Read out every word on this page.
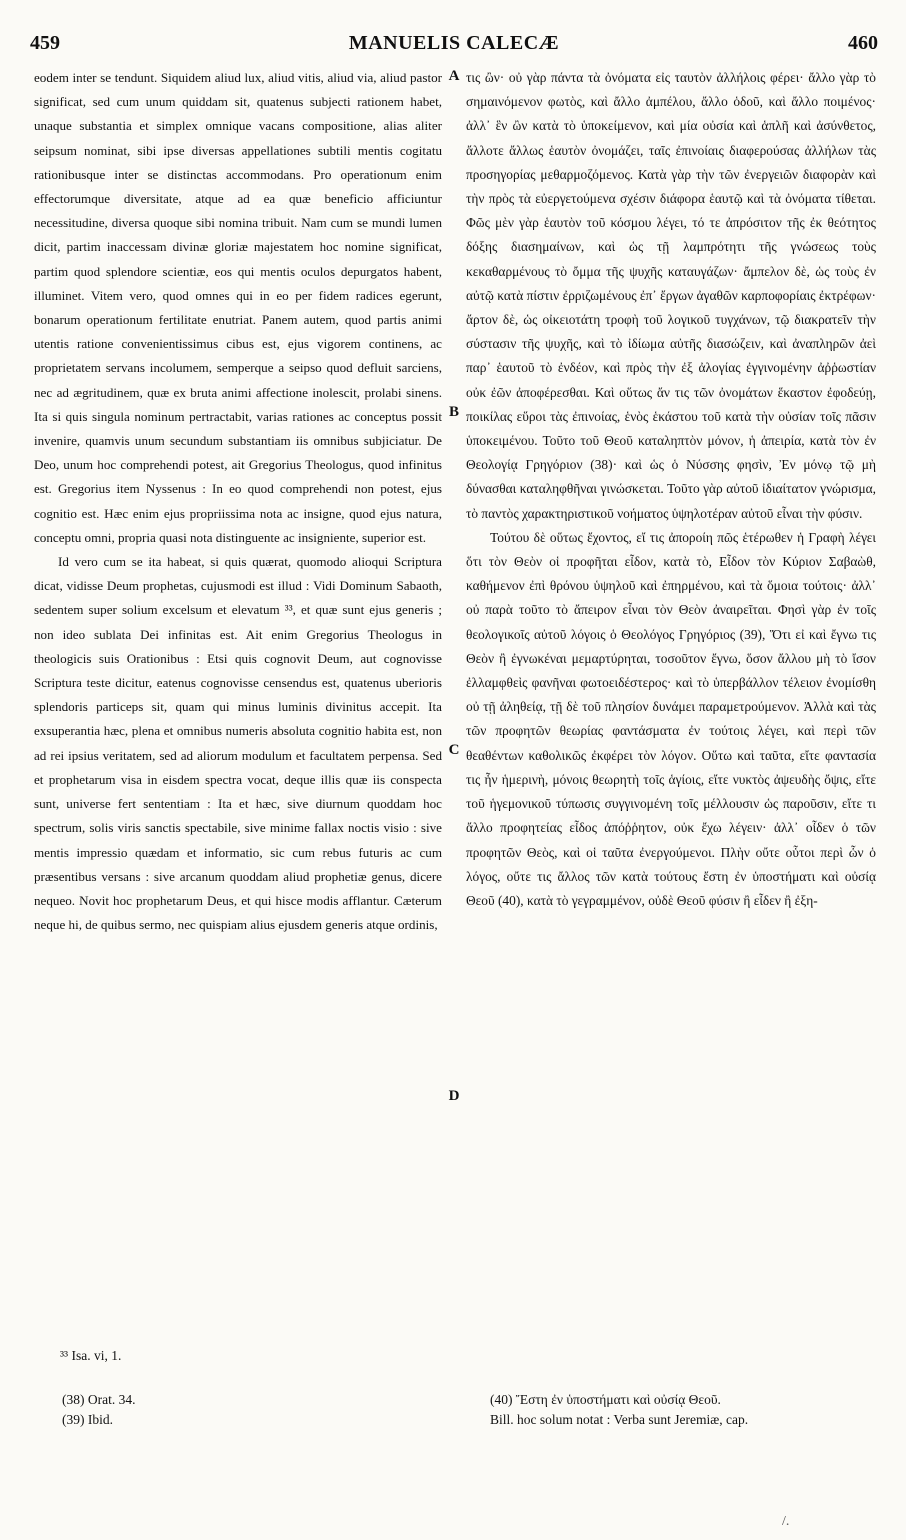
459	MANUELIS CALECÆ	460

eodem inter se tendunt. Siquidem aliud lux, aliud vitis, aliud via, aliud pastor significat, sed cum unum quiddam sit, quatenus subjecti rationem habet, unaque substantia et simplex omnique vacans compositione, alias aliter seipsum nominat, sibi ipse diversas appellationes subtili mentis cogitatu rationibusque inter se distinctas accommodans. Pro operationum enim effectorumque diversitate, atque ad ea quæ beneficio afficiuntur necessitudine, diversa quoque sibi nomina tribuit. Nam cum se mundi lumen dicit, partim inaccessam divinæ gloriæ majestatem hoc nomine significat, partim quod splendore scientiæ, eos qui mentis oculos depurgatos habent, illuminet. Vitem vero, quod omnes qui in eo per fidem radices egerunt, bonarum operationum fertilitate enutriat. Panem autem, quod partis animi utentis ratione convenientissimus cibus est, ejus vigorem continens, ac proprietatem servans incolumem, semperque a seipso quod defluit sarciens, nec ad ægritudinem, quæ ex bruta animi affectione inolescit, prolabi sinens. Ita si quis singula nominum pertractabit, varias rationes ac conceptus possit invenire, quamvis unum secundum substantiam iis omnibus subjiciatur. De Deo, unum hoc comprehendi potest, ait Gregorius Theologus, quod infinitus est. Gregorius item Nyssenus : In eo quod comprehendi non potest, ejus cognitio est. Hæc enim ejus propriissima nota ac insigne, quod ejus natura, conceptu omni, propria quasi nota distinguente ac insigniente, superior est.

Id vero cum se ita habeat, si quis quærat, quomodo alioqui Scriptura dicat, vidisse Deum prophetas, cujusmodi est illud : Vidi Dominum Sabaoth, sedentem super solium excelsum et elevatum ³³, et quæ sunt ejus generis ; non ideo sublata Dei infinitas est. Ait enim Gregorius Theologus in theologicis suis Orationibus : Etsi quis cognovit Deum, aut cognovisse Scriptura teste dicitur, eatenus cognovisse censendus est, quatenus uberioris splendoris particeps sit, quam qui minus luminis divinitus accepit. Ita exsuperantia hæc, plena et omnibus numeris absoluta cognitio habita est, non ad rei ipsius veritatem, sed ad aliorum modulum et facultatem perpensa. Sed et prophetarum visa in eisdem spectra vocat, deque illis quæ iis conspecta sunt, universe fert sententiam : Ita et hæc, sive diurnum quoddam hoc spectrum, solis viris sanctis spectabile, sive minime fallax noctis visio : sive mentis impressio quædam et informatio, sic cum rebus futuris ac cum præsentibus versans : sive arcanum quoddam aliud prophetiæ genus, dicere nequeo. Novit hoc prophetarum Deus, et qui hisce modis afflantur. Cæterum neque hi, de quibus sermo, nec quispiam alius ejusdem generis atque ordinis,

τις ὢν· οὐ γὰρ πάντα τὰ ὀνόματα εἰς ταυτὸν ἀλλήλοις φέρει· ἄλλο γὰρ τὸ σημαινόμενον φωτὸς, καὶ ἄλλο ἀμπέλου, ἄλλο ὁδοῦ, καὶ ἄλλο ποιμένος· ἀλλ᾽ ἓν ὢν κατὰ τὸ ὑποκείμενον, καὶ μία οὐσία καὶ ἁπλῆ καὶ ἀσύνθετος, ἄλλοτε ἄλλως ἑαυτὸν ὀνομάζει, ταῖς ἐπινοίαις διαφερούσας ἀλλήλων τὰς προσηγορίας μεθαρμοζόμενος. Κατὰ γὰρ τὴν τῶν ἐνεργειῶν διαφορὰν καὶ τὴν πρὸς τὰ εὐεργετούμενα σχέσιν διάφορα ἑαυτῷ καὶ τὰ ὀνόματα τίθεται. Φῶς μὲν γὰρ ἑαυτὸν τοῦ κόσμου λέγει, τό τε ἀπρόσιτον τῆς ἐκ θεότητος δόξης διασημαίνων, καὶ ὡς τῇ λαμπρότητι τῆς γνώσεως τοὺς κεκαθαρμένους τὸ ὄμμα τῆς ψυχῆς καταυγάζων· ἄμπελον δὲ, ὡς τοὺς ἐν αὐτῷ κατὰ πίστιν ἐρριζωμένους ἐπ᾽ ἔργων ἀγαθῶν καρποφορίαις ἐκτρέφων· ἄρτον δὲ, ὡς οἰκειοτάτη τροφὴ τοῦ λογικοῦ τυγχάνων, τῷ διακρατεῖν τὴν σύστασιν τῆς ψυχῆς, καὶ τὸ ἰδίωμα αὐτῆς διασώζειν, καὶ ἀναπληρῶν ἀεὶ παρ᾽ ἑαυτοῦ τὸ ἐνδέον, καὶ πρὸς τὴν ἐξ ἀλογίας ἐγγινομένην ἀῤῥωστίαν οὐκ ἐῶν ἀποφέρεσθαι. Καὶ οὕτως ἄν τις τῶν ὀνομάτων ἕκαστον ἐφοδεύῃ, ποικίλας εὕροι τὰς ἐπινοίας, ἑνὸς ἑκάστου τοῦ κατὰ τὴν οὐσίαν τοῖς πᾶσιν ὑποκειμένου. Τοῦτο τοῦ Θεοῦ καταληπτὸν μόνον, ἡ ἀπειρία, κατὰ τὸν ἐν Θεολογίᾳ Γρηγόριον (38)· καὶ ὡς ὁ Νύσσης φησὶν, Ἐν μόνῳ τῷ μὴ δύνασθαι καταληφθῆναι γινώσκεται. Τοῦτο γὰρ αὐτοῦ ἰδιαίτατον γνώρισμα, τὸ παντὸς χαρακτηριστικοῦ νοήματος ὑψηλοτέραν αὐτοῦ εἶναι τὴν φύσιν.

Τούτου δὲ οὕτως ἔχοντος, εἴ τις ἀποροίη πῶς ἑτέρωθεν ἡ Γραφὴ λέγει ὅτι τὸν Θεὸν οἱ προφῆται εἶδον, κατὰ τὸ, Εἶδον τὸν Κύριον Σαβαὼθ, καθήμενον ἐπὶ θρόνου ὑψηλοῦ καὶ ἐπηρμένου, καὶ τὰ ὅμοια τούτοις· ἀλλ᾽ οὐ παρὰ τοῦτο τὸ ἄπειρον εἶναι τὸν Θεὸν ἀναιρεῖται. Φησὶ γὰρ ἐν τοῖς θεολογικοῖς αὐτοῦ λόγοις ὁ Θεολόγος Γρηγόριος (39), Ὅτι εἰ καὶ ἔγνω τις Θεὸν ἢ ἐγνωκέναι μεμαρτύρηται, τοσοῦτον ἔγνω, ὅσον ἄλλου μὴ τὸ ἴσον ἐλλαμφθεὶς φανῆναι φωτοειδέστερος· καὶ τὸ ὑπερβάλλον τέλειον ἐνομίσθη οὐ τῇ ἀληθείᾳ, τῇ δὲ τοῦ πλησίον δυνάμει παραμετρούμενον. Ἀλλὰ καὶ τὰς τῶν προφητῶν θεωρίας φαντάσματα ἐν τούτοις λέγει, καὶ περὶ τῶν θεαθέντων καθολικῶς ἐκφέρει τὸν λόγον. Οὕτω καὶ ταῦτα, εἴτε φαντασία τις ἦν ἡμερινὴ, μόνοις θεωρητὴ τοῖς ἁγίοις, εἴτε νυκτὸς ἀψευδὴς ὄψις, εἴτε τοῦ ἡγεμονικοῦ τύπωσις συγγινομένη τοῖς μέλλουσιν ὡς παροῦσιν, εἴτε τι ἄλλο προφητείας εἶδος ἀπόῤῥητον, οὐκ ἔχω λέγειν· ἀλλ᾽ οἶδεν ὁ τῶν προφητῶν Θεὸς, καὶ οἱ ταῦτα ἐνεργούμενοι. Πλὴν οὔτε οὗτοι περὶ ὧν ὁ λόγος, οὔτε τις ἄλλος τῶν κατὰ τούτους ἔστη ἐν ὑποστήματι καὶ οὐσίᾳ Θεοῦ (40), κατὰ τὸ γεγραμμένον, οὐδὲ Θεοῦ φύσιν ἢ εἶδεν ἢ ἐξη-

A
B
C
D
³³ Isa. vi, 1.
(38) Orat. 34.
(39) Ibid.
(40) Ἔστη ἐν ὑποστήματι καὶ οὐσίᾳ Θεοῦ.
Bill. hoc solum notat : Verba sunt Jeremiæ, cap.
/.
